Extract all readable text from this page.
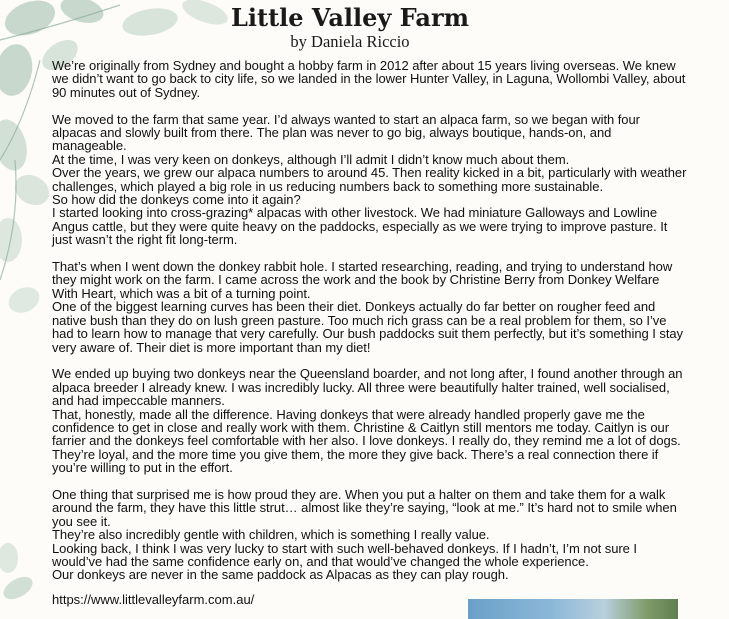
Little Valley Farm

by Daniela Riccio

We’re originally from Sydney and bought a hobby farm in 2012 after about 15 years living overseas. We knew we didn’t want to go back to city life, so we landed in the lower Hunter Valley, in Laguna, Wollombi Valley, about 90 minutes out of Sydney.

We moved to the farm that same year. I’d always wanted to start an alpaca farm, so we began with four alpacas and slowly built from there. The plan was never to go big, always boutique, hands-on, and manageable.

At the time, I was very keen on donkeys, although I’ll admit I didn’t know much about them.

Over the years, we grew our alpaca numbers to around 45. Then reality kicked in a bit, particularly with weather challenges, which played a big role in us reducing numbers back to something more sustainable.

So how did the donkeys come into it again?

I started looking into cross-grazing* alpacas with other livestock. We had miniature Galloways and Lowline Angus cattle, but they were quite heavy on the paddocks, especially as we were trying to improve pasture. It just wasn’t the right fit long-term.

That’s when I went down the donkey rabbit hole. I started researching, reading, and trying to understand how they might work on the farm. I came across the work and the book by Christine Berry from Donkey Welfare With Heart, which was a bit of a turning point.

One of the biggest learning curves has been their diet. Donkeys actually do far better on rougher feed and native bush than they do on lush green pasture. Too much rich grass can be a real problem for them, so I’ve had to learn how to manage that very carefully. Our bush paddocks suit them perfectly, but it’s something I stay very aware of. Their diet is more important than my diet!

We ended up buying two donkeys near the Queensland boarder, and not long after, I found another through an alpaca breeder I already knew. I was incredibly lucky. All three were beautifully halter trained, well socialised, and had impeccable manners.

That, honestly, made all the difference. Having donkeys that were already handled properly gave me the confidence to get in close and really work with them. Christine & Caitlyn still mentors me today. Caitlyn is our farrier and the donkeys feel comfortable with her also. I love donkeys. I really do, they remind me a lot of dogs. They’re loyal, and the more time you give them, the more they give back. There’s a real connection there if you’re willing to put in the effort.

One thing that surprised me is how proud they are. When you put a halter on them and take them for a walk around the farm, they have this little strut… almost like they’re saying, “look at me.” It’s hard not to smile when you see it.

They’re also incredibly gentle with children, which is something I really value.

Looking back, I think I was very lucky to start with such well-behaved donkeys. If I hadn’t, I’m not sure I would’ve had the same confidence early on, and that would’ve changed the whole experience.

Our donkeys are never in the same paddock as Alpacas as they can play rough.

https://www.littlevalleyfarm.com.au/
